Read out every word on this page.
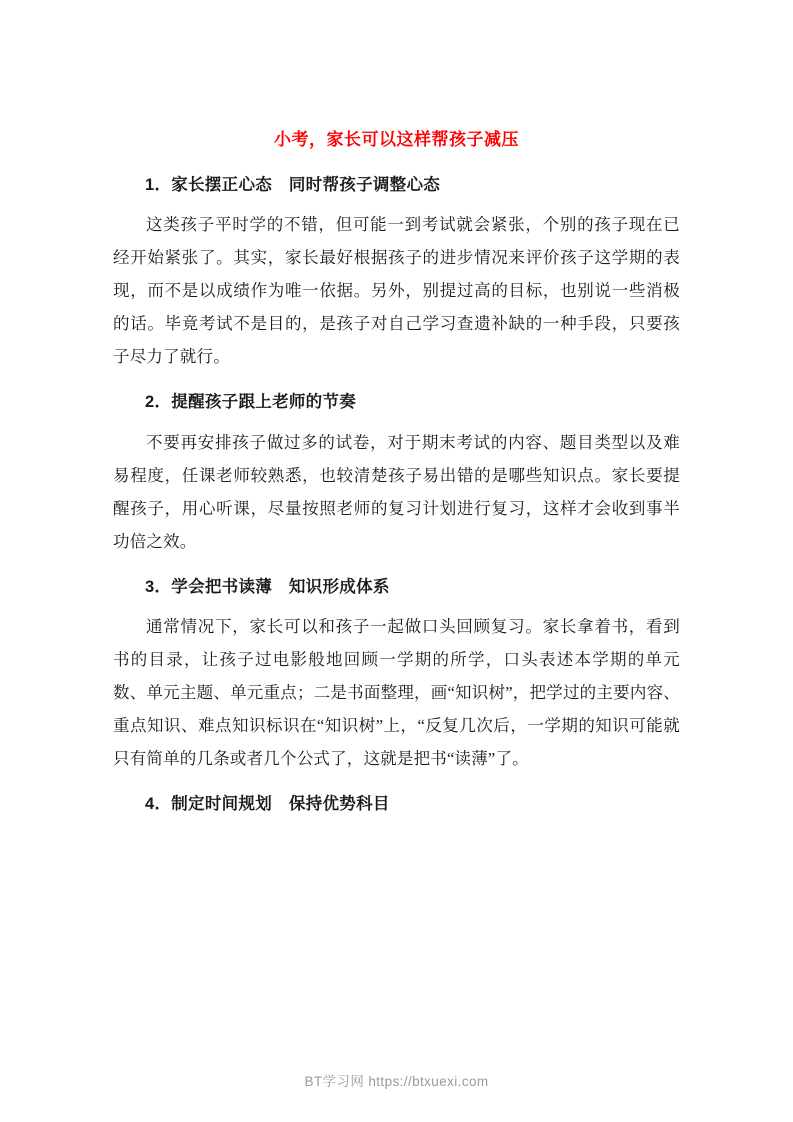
小考，家长可以这样帮孩子减压
1．家长摆正心态　同时帮孩子调整心态

这类孩子平时学的不错，但可能一到考试就会紧张，个别的孩子现在已经开始紧张了。其实，家长最好根据孩子的进步情况来评价孩子这学期的表现，而不是以成绩作为唯一依据。另外，别提过高的目标，也别说一些消极的话。毕竟考试不是目的，是孩子对自己学习查遗补缺的一种手段，只要孩子尽力了就行。

2．提醒孩子跟上老师的节奏

不要再安排孩子做过多的试卷，对于期末考试的内容、题目类型以及难易程度，任课老师较熟悉，也较清楚孩子易出错的是哪些知识点。家长要提醒孩子，用心听课，尽量按照老师的复习计划进行复习，这样才会收到事半功倍之效。

3．学会把书读薄　知识形成体系

通常情况下，家长可以和孩子一起做口头回顾复习。家长拿着书，看到书的目录，让孩子过电影般地回顾一学期的所学，口头表述本学期的单元数、单元主题、单元重点；二是书面整理，画“知识树”，把学过的主要内容、重点知识、难点知识标识在“知识树”上，“反复几次后，一学期的知识可能就只有简单的几条或者几个公式了，这就是把书“读薄”了。

4．制定时间规划　保持优势科目
BT学习网 https://btxuexi.com
